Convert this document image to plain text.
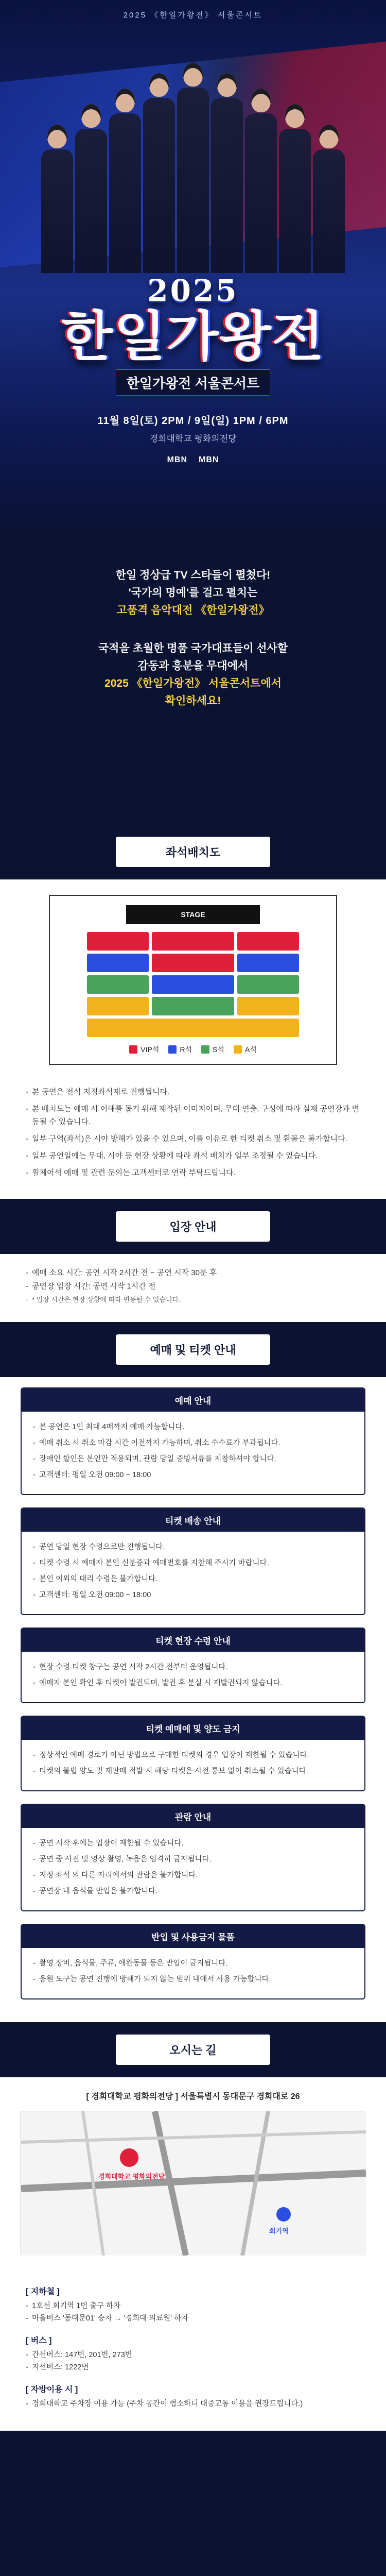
2025 《한일가왕전》 서울콘서트
2025
한일가왕전
한일가왕전 서울콘서트
11월 8일(토) 2PM / 9일(일) 1PM / 6PM
경희대학교 평화의전당
MBN MBN

한일 정상급 TV 스타들이 펼쳤다!
'국가의 명예'를 걸고 펼치는
고품격 음악대전 《한일가왕전》

국적을 초월한 명품 국가대표들이 선사할
감동과 흥분을 무대에서
2025 《한일가왕전》 서울콘서트에서
확인하세요!

좌석배치도
STAGE
VIP석	R석	S석	A석
- 본 공연은 전석 지정좌석제로 진행됩니다.
- 본 배치도는 예매 시 이해를 돕기 위해 제작된 이미지이며, 무대 연출, 구성에 따라 실제 공연장과 변동될 수 있습니다.
- 일부 구역(좌석)은 시야 방해가 있을 수 있으며, 이를 이유로 한 티켓 취소 및 환불은 불가합니다.
- 일부 공연일에는 무대, 시야 등 현장 상황에 따라 좌석 배치가 일부 조정될 수 있습니다.
- 휠체어석 예매 및 관련 문의는 고객센터로 연락 부탁드립니다.
입장 안내
- 예매 소요 시간: 공연 시작 2시간 전 ~ 공연 시작 30분 후
- 공연장 입장 시간: 공연 시작 1시간 전
- * 입장 시간은 현장 상황에 따라 변동될 수 있습니다.
예매 및 티켓 안내
예매 안내
- 본 공연은 1인 최대 4매까지 예매 가능합니다.
- 예매 취소 시 취소 마감 시간 이전까지 가능하며, 취소 수수료가 부과됩니다.
- 장애인 할인은 본인만 적용되며, 관람 당일 증빙서류를 지참하셔야 합니다.
- 고객센터: 평일 오전 09:00 ~ 18:00
티켓 배송 안내
- 공연 당일 현장 수령으로만 진행됩니다.
- 티켓 수령 시 예매자 본인 신분증과 예매번호를 지참해 주시기 바랍니다.
- 본인 이외의 대리 수령은 불가합니다.
- 고객센터: 평일 오전 09:00 ~ 18:00
티켓 현장 수령 안내
- 현장 수령 티켓 창구는 공연 시작 2시간 전부터 운영됩니다.
- 예매자 본인 확인 후 티켓이 발권되며, 발권 후 분실 시 재발권되지 않습니다.
티켓 예매에 및 양도 금지
- 정상적인 예매 경로가 아닌 방법으로 구매한 티켓의 경우 입장이 제한될 수 있습니다.
- 티켓의 불법 양도 및 재판매 적발 시 해당 티켓은 사전 통보 없이 취소될 수 있습니다.
관람 안내
- 공연 시작 후에는 입장이 제한될 수 있습니다.
- 공연 중 사진 및 영상 촬영, 녹음은 엄격히 금지됩니다.
- 지정 좌석 외 다른 자리에서의 관람은 불가합니다.
- 공연장 내 음식물 반입은 불가합니다.
반입 및 사용금지 물품
- 촬영 장비, 음식물, 주류, 애완동물 등은 반입이 금지됩니다.
- 응원 도구는 공연 진행에 방해가 되지 않는 범위 내에서 사용 가능합니다.
오시는 길
[ 경희대학교 평화의전당 ] 서울특별시 동대문구 경희대로 26
경희대학교 평화의전당
회기역
[ 지하철 ]
- 1호선 회기역 1번 출구 하차
- 마을버스 '동대문01' 승차 → '경희대 의료원' 하차
[ 버스 ]
- 간선버스: 147번, 201번, 273번
- 지선버스: 1222번
[ 자방이용 시 ]
- 경희대학교 주차장 이용 가능 (주차 공간이 협소하니 대중교통 이용을 권장드립니다.)
